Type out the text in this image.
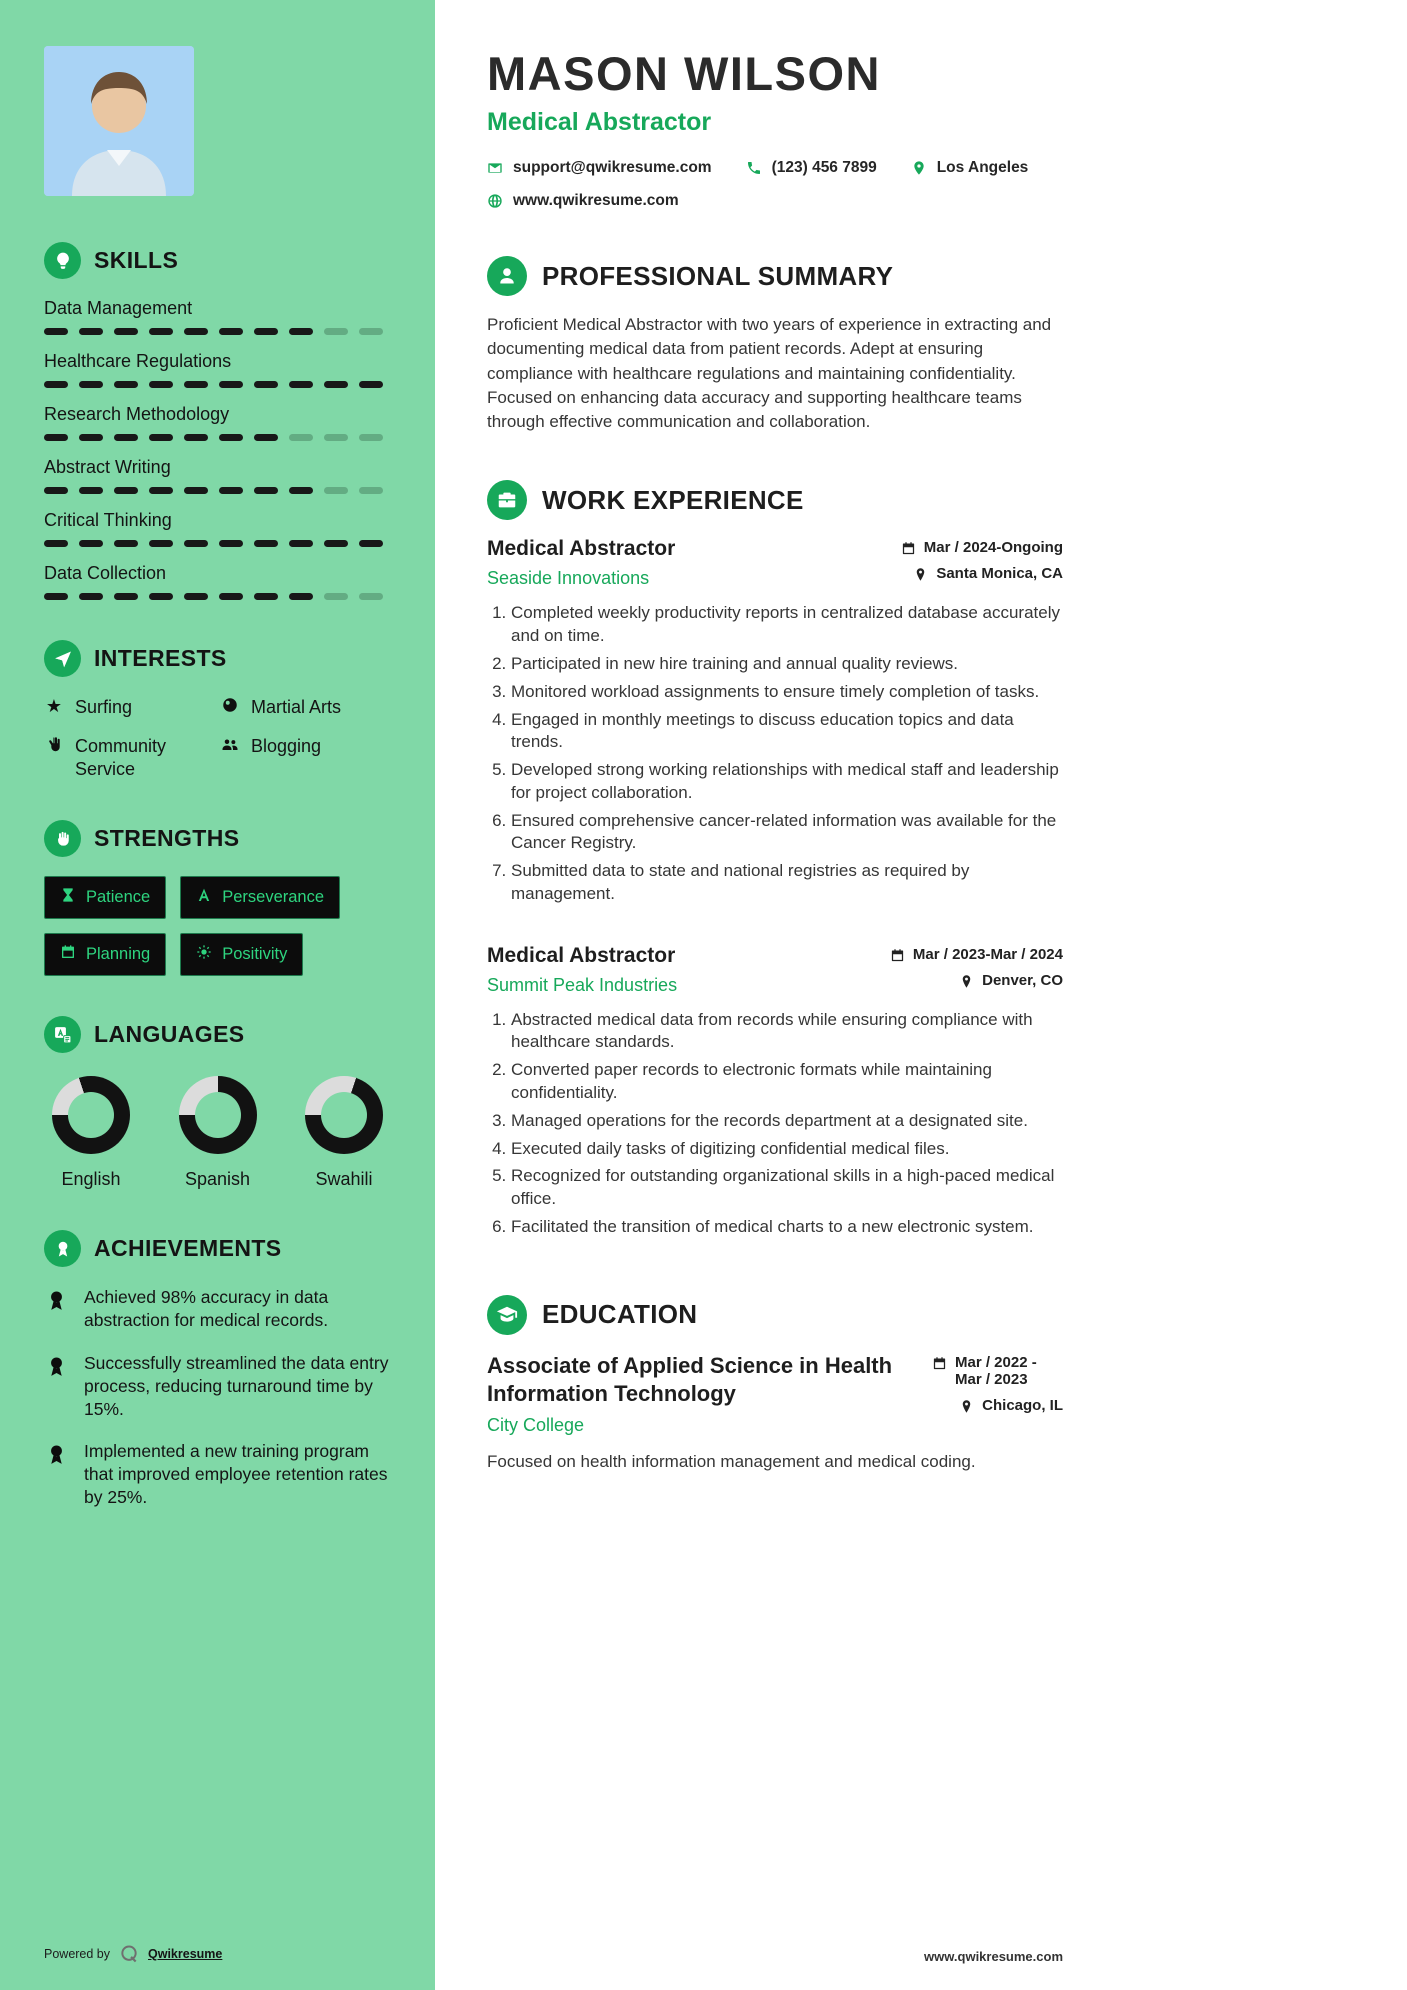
SKILLS
Data Management
Healthcare Regulations
Research Methodology
Abstract Writing
Critical Thinking
Data Collection
INTERESTS
★ Surfing	Martial Arts
Community Service
Blogging
STRENGTHS
Patience	Perseverance
Planning	Positivity
LANGUAGES
English	Spanish	Swahili
ACHIEVEMENTS

Achieved 98% accuracy in data abstraction for medical records.

Successfully streamlined the data entry process, reducing turnaround time by 15%.

Implemented a new training program that improved employee retention rates by 25%.

Powered by	Qwikresume
MASON WILSON
Medical Abstractor
support@qwikresume.com	(123) 456 7899	Los Angeles
www.qwikresume.com
PROFESSIONAL SUMMARY

Proficient Medical Abstractor with two years of experience in extracting and documenting medical data from patient records. Adept at ensuring compliance with healthcare regulations and maintaining confidentiality. Focused on enhancing data accuracy and supporting healthcare teams through effective communication and collaboration.

WORK EXPERIENCE
Medical Abstractor
Seaside Innovations
Mar / 2024-Ongoing
Santa Monica, CA
1. Completed weekly productivity reports in centralized database accurately and on time.
2. Participated in new hire training and annual quality reviews.
3. Monitored workload assignments to ensure timely completion of tasks.
4. Engaged in monthly meetings to discuss education topics and data trends.
5. Developed strong working relationships with medical staff and leadership for project collaboration.
6. Ensured comprehensive cancer-related information was available for the Cancer Registry.
7. Submitted data to state and national registries as required by management.
Medical Abstractor
Summit Peak Industries
Mar / 2023-Mar / 2024
Denver, CO
1. Abstracted medical data from records while ensuring compliance with healthcare standards.
2. Converted paper records to electronic formats while maintaining confidentiality.
3. Managed operations for the records department at a designated site.
4. Executed daily tasks of digitizing confidential medical files.
5. Recognized for outstanding organizational skills in a high-paced medical office.
6. Facilitated the transition of medical charts to a new electronic system.
EDUCATION
Associate of Applied Science in Health Information Technology
City College
Mar / 2022 - Mar / 2023
Chicago, IL

Focused on health information management and medical coding.

www.qwikresume.com
